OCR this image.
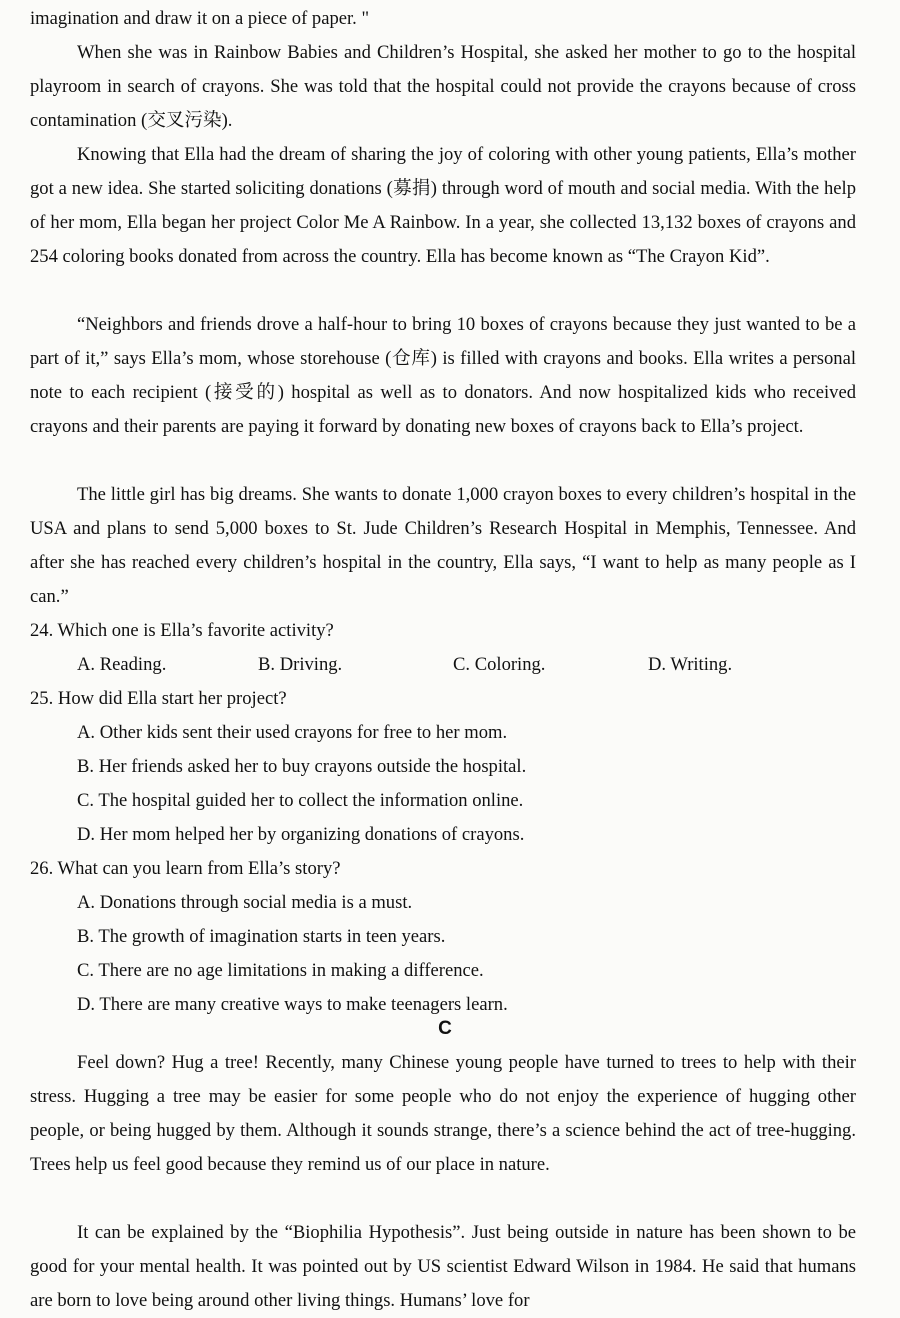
imagination and draw it on a piece of paper. "

When she was in Rainbow Babies and Children’s Hospital, she asked her mother to go to the hospital playroom in search of crayons. She was told that the hospital could not provide the crayons because of cross contamination (交叉污染).

Knowing that Ella had the dream of sharing the joy of coloring with other young patients, Ella’s mother got a new idea. She started soliciting donations (募捐) through word of mouth and social media. With the help of her mom, Ella began her project Color Me A Rainbow. In a year, she collected 13,132 boxes of crayons and 254 coloring books donated from across the country. Ella has become known as “The Crayon Kid”.

“Neighbors and friends drove a half-hour to bring 10 boxes of crayons because they just wanted to be a part of it,” says Ella’s mom, whose storehouse (仓库) is filled with crayons and books. Ella writes a personal note to each recipient (接受的) hospital as well as to donators. And now hospitalized kids who received crayons and their parents are paying it forward by donating new boxes of crayons back to Ella’s project.

The little girl has big dreams. She wants to donate 1,000 crayon boxes to every children’s hospital in the USA and plans to send 5,000 boxes to St. Jude Children’s Research Hospital in Memphis, Tennessee. And after she has reached every children’s hospital in the country, Ella says, “I want to help as many people as I can.”

24. Which one is Ella’s favorite activity?

A. Reading.	B. Driving.	C. Coloring.	D. Writing.

25. How did Ella start her project?

A. Other kids sent their used crayons for free to her mom.

B. Her friends asked her to buy crayons outside the hospital.

C. The hospital guided her to collect the information online.

D. Her mom helped her by organizing donations of crayons.

26. What can you learn from Ella’s story?

A. Donations through social media is a must.

B. The growth of imagination starts in teen years.

C. There are no age limitations in making a difference.

D. There are many creative ways to make teenagers learn.

C

Feel down? Hug a tree! Recently, many Chinese young people have turned to trees to help with their stress. Hugging a tree may be easier for some people who do not enjoy the experience of hugging other people, or being hugged by them. Although it sounds strange, there’s a science behind the act of tree-hugging. Trees help us feel good because they remind us of our place in nature.

It can be explained by the “Biophilia Hypothesis”. Just being outside in nature has been shown to be good for your mental health. It was pointed out by US scientist Edward Wilson in 1984. He said that humans are born to love being around other living things. Humans’ love for
